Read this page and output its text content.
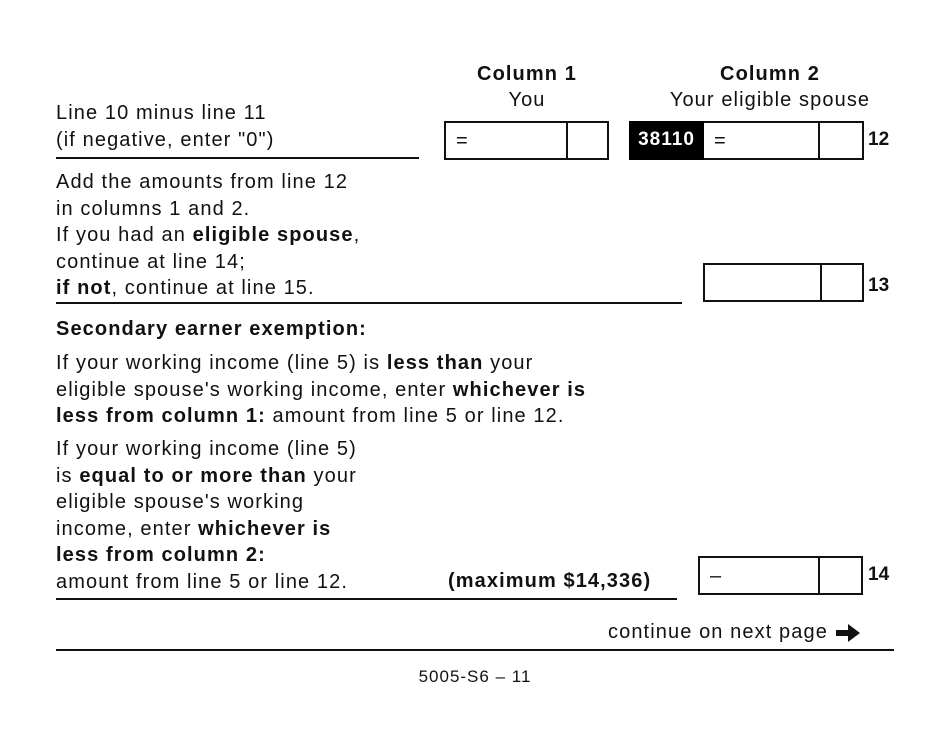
Column 1
You
Column 2
Your eligible spouse
Line 10 minus line 11
(if negative, enter "0")	=	38110 =	12
Add the amounts from line 12
in columns 1 and 2.
If you had an eligible spouse,
continue at line 14;
if not, continue at line 15.	13
Secondary earner exemption:
If your working income (line 5) is less than your
eligible spouse's working income, enter whichever is
less from column 1: amount from line 5 or line 12.
If your working income (line 5)
is equal to or more than your
eligible spouse's working
income, enter whichever is
less from column 2:
amount from line 5 or line 12.	(maximum $14,336)	–	14
continue on next page
5005-S6 – 11
